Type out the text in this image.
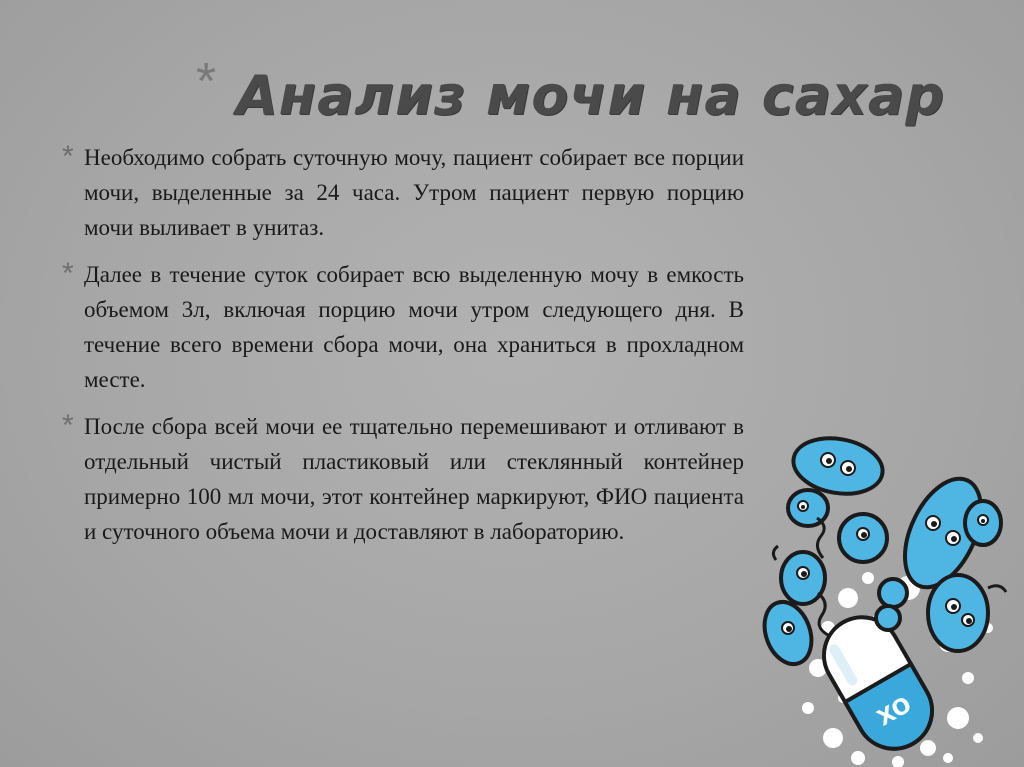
* Анализ мочи на сахар
* Необходимо собрать суточную мочу, пациент собирает все порции мочи, выделенные за 24 часа. Утром пациент первую порцию мочи выливает в унитаз.

* Далее в течение суток собирает всю выделенную мочу в емкость объемом 3л, включая порцию мочи утром следующего дня. В течение всего времени сбора мочи, она храниться в прохладном месте.

* После сбора всей мочи ее тщательно перемешивают и отливают в отдельный чистый пластиковый или стеклянный контейнер примерно 100 мл мочи, этот контейнер маркируют, ФИО пациента и суточного объема мочи и доставляют в лабораторию.

XO
